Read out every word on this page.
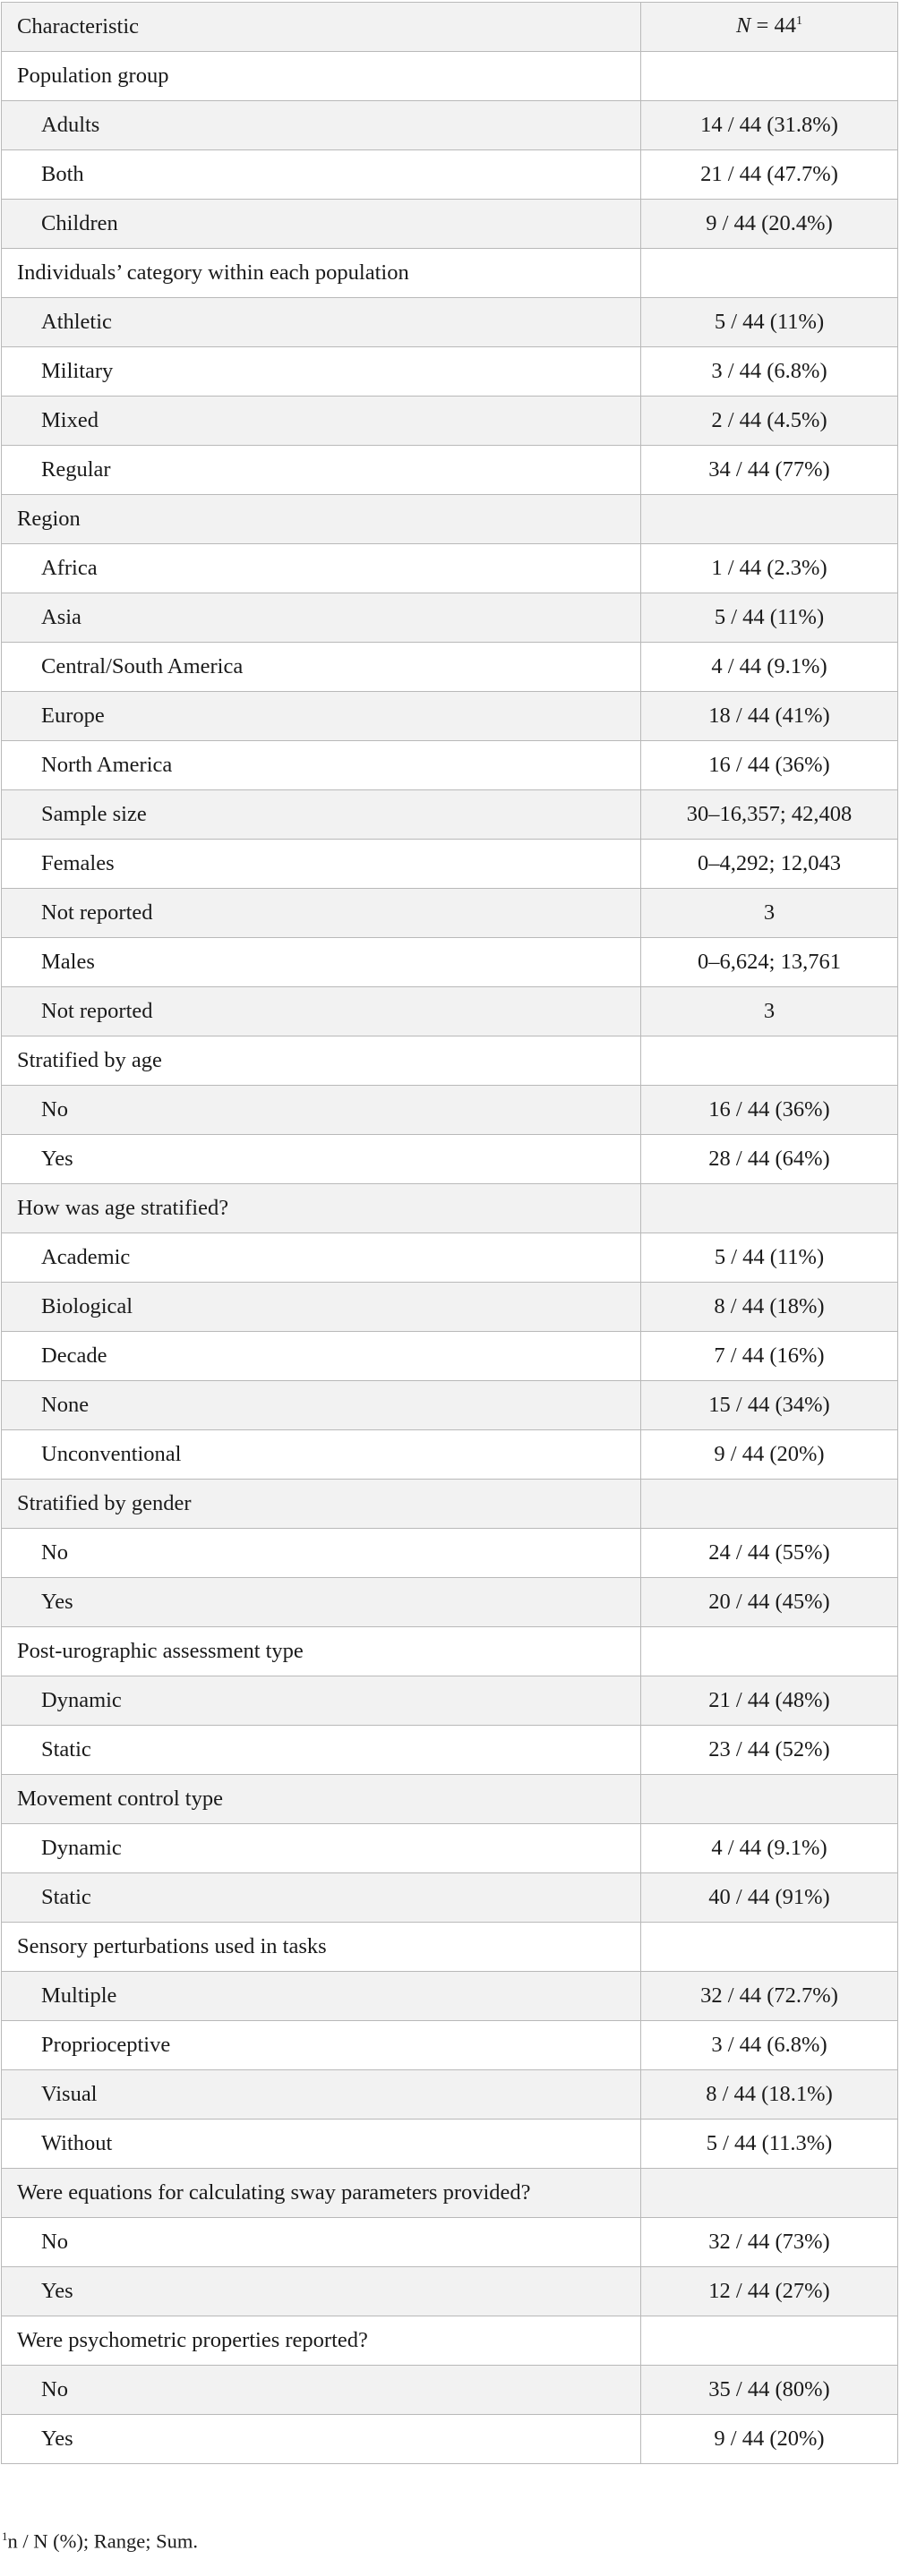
Characteristic	$N = 44^1$
Population group	
Adults	14 / 44 (31.8%)
Both	21 / 44 (47.7%)
Children	9 / 44 (20.4%)
Individuals’ category within each population	
Athletic	5 / 44 (11%)
Military	3 / 44 (6.8%)
Mixed	2 / 44 (4.5%)
Regular	34 / 44 (77%)
Region	
Africa	1 / 44 (2.3%)
Asia	5 / 44 (11%)
Central/South America	4 / 44 (9.1%)
Europe	18 / 44 (41%)
North America	16 / 44 (36%)
Sample size	30–16,357; 42,408
Females	0–4,292; 12,043
Not reported	3
Males	0–6,624; 13,761
Not reported	3
Stratified by age	
No	16 / 44 (36%)
Yes	28 / 44 (64%)
How was age stratified?	
Academic	5 / 44 (11%)
Biological	8 / 44 (18%)
Decade	7 / 44 (16%)
None	15 / 44 (34%)
Unconventional	9 / 44 (20%)
Stratified by gender	
No	24 / 44 (55%)
Yes	20 / 44 (45%)
Post-urographic assessment type	
Dynamic	21 / 44 (48%)
Static	23 / 44 (52%)
Movement control type	
Dynamic	4 / 44 (9.1%)
Static	40 / 44 (91%)
Sensory perturbations used in tasks	
Multiple	32 / 44 (72.7%)
Proprioceptive	3 / 44 (6.8%)
Visual	8 / 44 (18.1%)
Without	5 / 44 (11.3%)
Were equations for calculating sway parameters provided?	
No	32 / 44 (73%)
Yes	12 / 44 (27%)
Were psychometric properties reported?	
No	35 / 44 (80%)
Yes	9 / 44 (20%)
$^1$n / N (%); Range; Sum.
